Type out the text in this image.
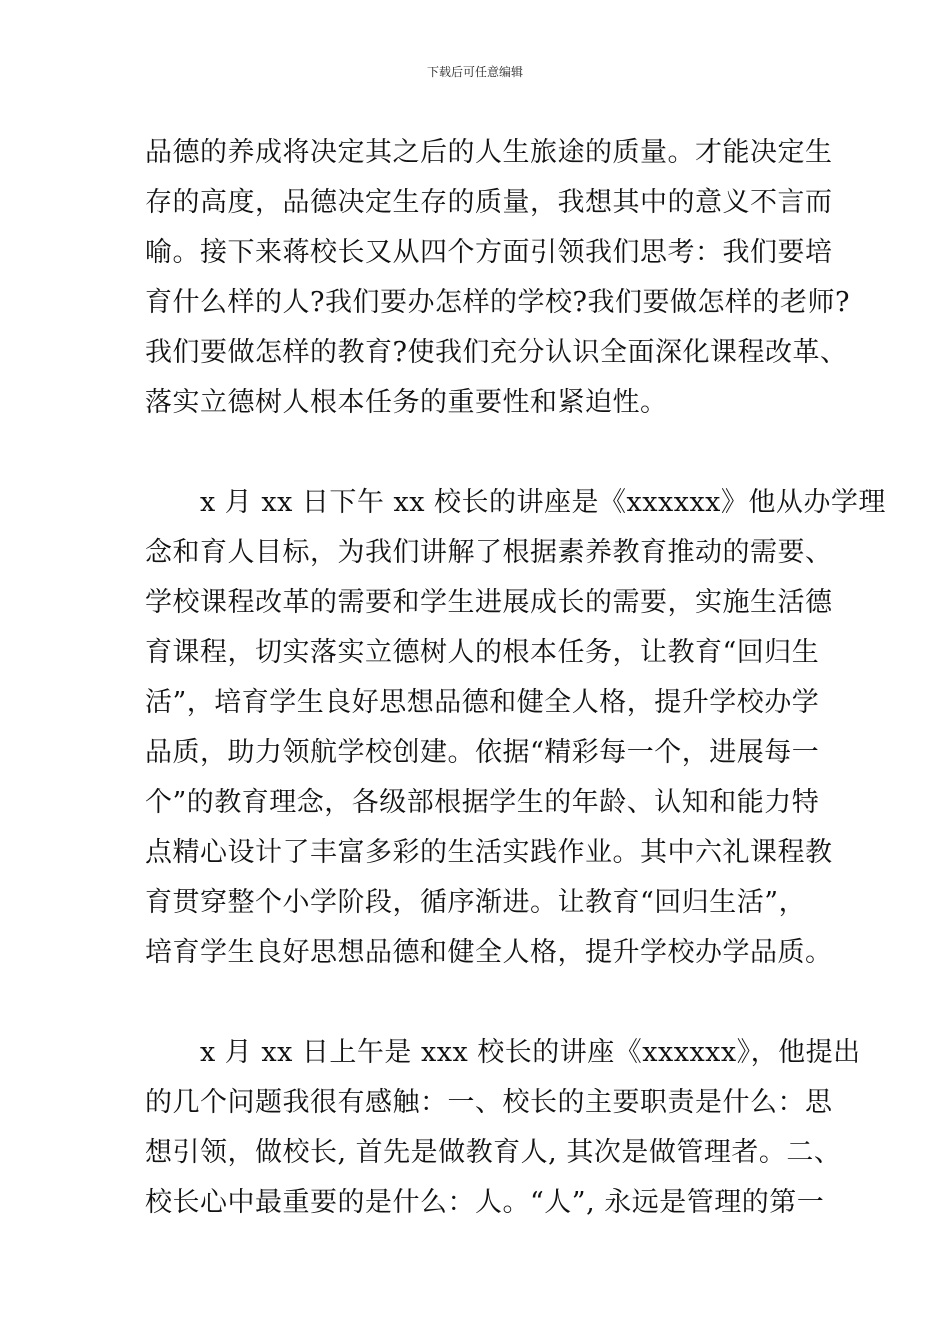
下载后可任意编辑
品德的养成将决定其之后的人生旅途的质量。才能决定生
存的高度，品德决定生存的质量，我想其中的意义不言而
喻。接下来蒋校长又从四个方面引领我们思考：我们要培
育什么样的人?我们要办怎样的学校?我们要做怎样的老师?
我们要做怎样的教育?使我们充分认识全面深化课程改革、
落实立德树人根本任务的重要性和紧迫性。
　　x 月 xx 日下午 xx 校长的讲座是《xxxxxx》他从办学理
念和育人目标，为我们讲解了根据素养教育推动的需要、
学校课程改革的需要和学生进展成长的需要，实施生活德
育课程，切实落实立德树人的根本任务，让教育“回归生
活”，培育学生良好思想品德和健全人格，提升学校办学
品质，助力领航学校创建。依据“精彩每一个，进展每一
个”的教育理念，各级部根据学生的年龄、认知和能力特
点精心设计了丰富多彩的生活实践作业。其中六礼课程教
育贯穿整个小学阶段，循序渐进。让教育“回归生活”，
培育学生良好思想品德和健全人格，提升学校办学品质。
　　x 月 xx 日上午是 xxx 校长的讲座《xxxxxx》，他提出
的几个问题我很有感触：一、校长的主要职责是什么：思
想引领，做校长, 首先是做教育人, 其次是做管理者。二、
校长心中最重要的是什么：人。“人”, 永远是管理的第一
